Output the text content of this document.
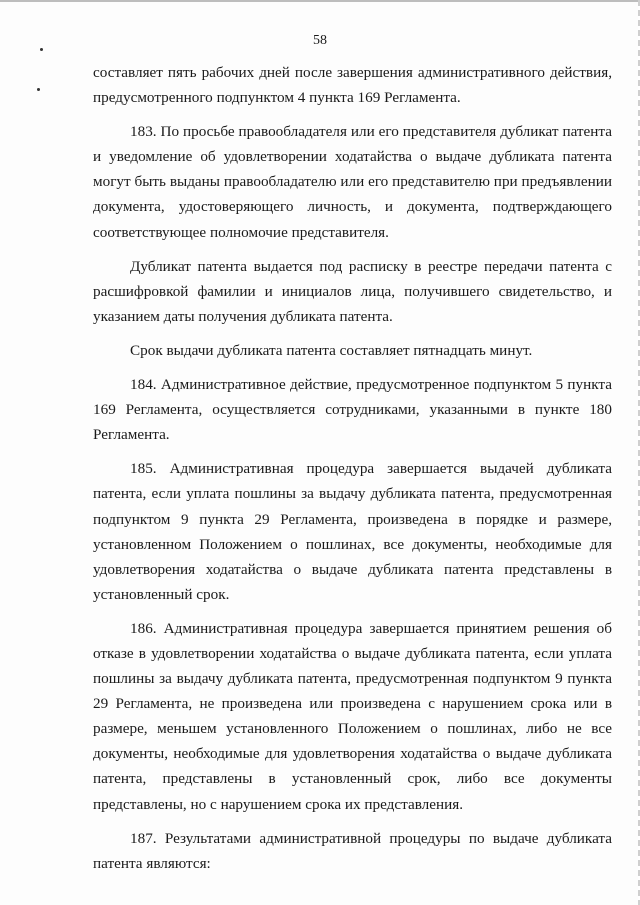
58

составляет пять рабочих дней после завершения административного действия, предусмотренного подпунктом 4 пункта 169 Регламента.

183. По просьбе правообладателя или его представителя дубликат патента и уведомление об удовлетворении ходатайства о выдаче дубликата патента могут быть выданы правообладателю или его представителю при предъявлении документа, удостоверяющего личность, и документа, подтверждающего соответствующее полномочие представителя.

Дубликат патента выдается под расписку в реестре передачи патента с расшифровкой фамилии и инициалов лица, получившего свидетельство, и указанием даты получения дубликата патента.

Срок выдачи дубликата патента составляет пятнадцать минут.

184. Административное действие, предусмотренное подпунктом 5 пункта 169 Регламента, осуществляется сотрудниками, указанными в пункте 180 Регламента.

185. Административная процедура завершается выдачей дубликата патента, если уплата пошлины за выдачу дубликата патента, предусмотренная подпунктом 9 пункта 29 Регламента, произведена в порядке и размере, установленном Положением о пошлинах, все документы, необходимые для удовлетворения ходатайства о выдаче дубликата патента представлены в установленный срок.

186. Административная процедура завершается принятием решения об отказе в удовлетворении ходатайства о выдаче дубликата патента, если уплата пошлины за выдачу дубликата патента, предусмотренная подпунктом 9 пункта 29 Регламента, не произведена или произведена с нарушением срока или в размере, меньшем установленного Положением о пошлинах, либо не все документы, необходимые для удовлетворения ходатайства о выдаче дубликата патента, представлены в установленный срок, либо все документы представлены, но с нарушением срока их представления.

187. Результатами административной процедуры по выдаче дубликата патента являются:
